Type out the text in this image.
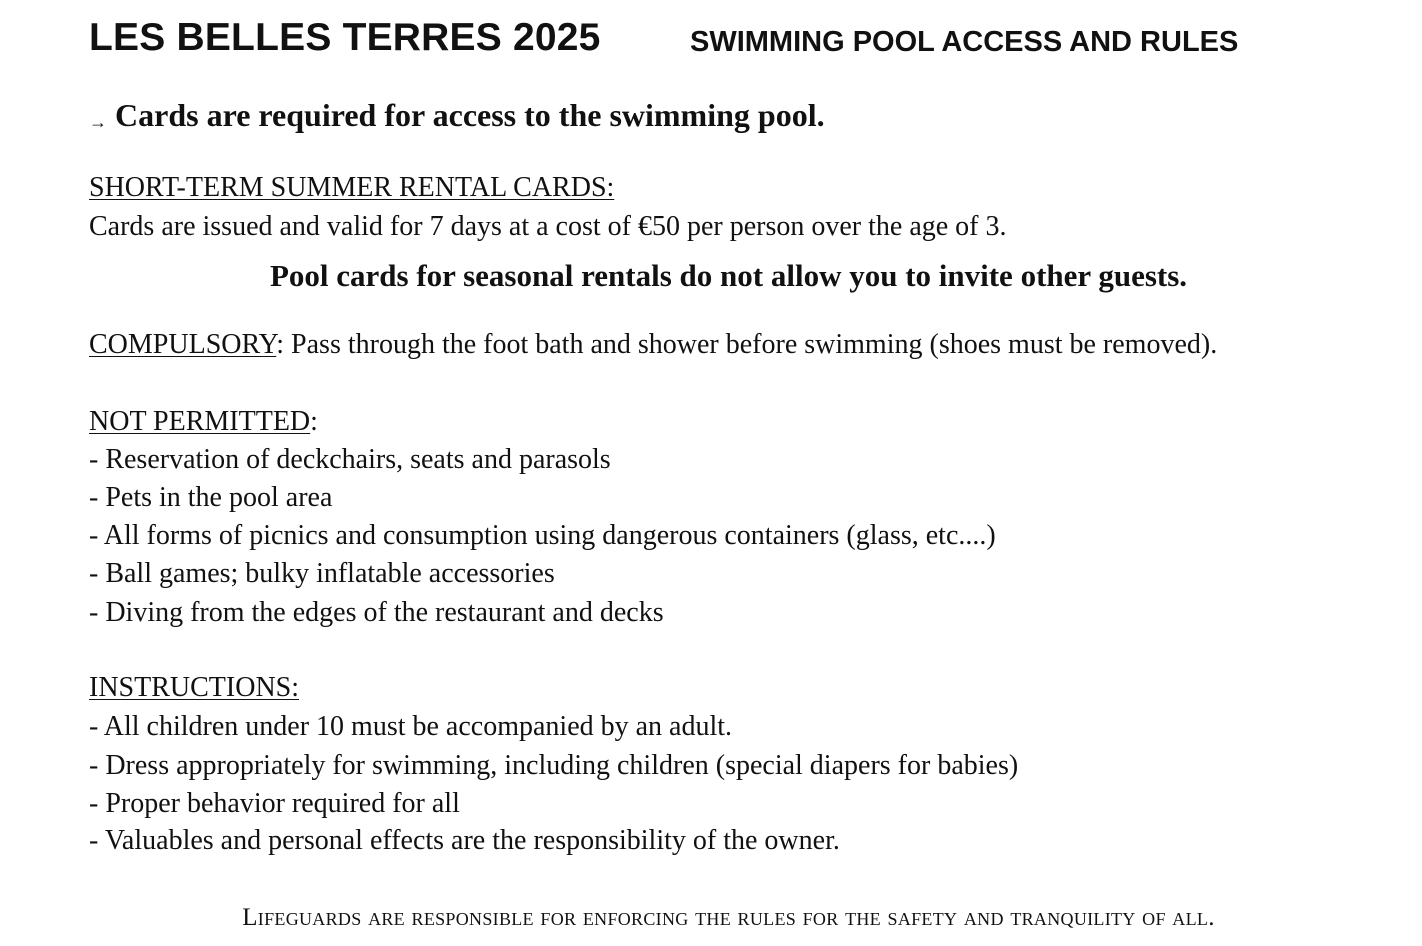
LES BELLES TERRES 2025	SWIMMING POOL ACCESS AND RULES
→ Cards are required for access to the swimming pool.
SHORT-TERM SUMMER RENTAL CARDS:
Cards are issued and valid for 7 days at a cost of €50 per person over the age of 3.
Pool cards for seasonal rentals do not allow you to invite other guests.
COMPULSORY: Pass through the foot bath and shower before swimming (shoes must be removed).
NOT PERMITTED:
- Reservation of deckchairs, seats and parasols
- Pets in the pool area
- All forms of picnics and consumption using dangerous containers (glass, etc....)
- Ball games; bulky inflatable accessories
- Diving from the edges of the restaurant and decks
INSTRUCTIONS:
- All children under 10 must be accompanied by an adult.
- Dress appropriately for swimming, including children (special diapers for babies)
- Proper behavior required for all
- Valuables and personal effects are the responsibility of the owner.
Lifeguards are responsible for enforcing the rules for the safety and tranquility of all.
